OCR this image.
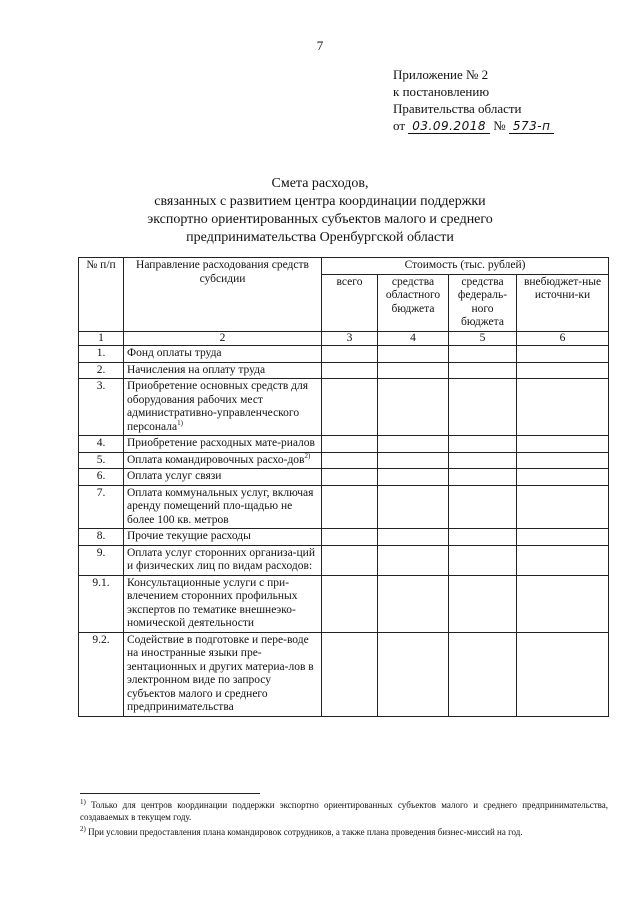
7
Приложение № 2
к постановлению
Правительства области
от 03.09.2018 № 573-п
Смета расходов,
связанных с развитием центра координации поддержки
экспортно ориентированных субъектов малого и среднего
предпринимательства Оренбургской области
№ п/п	Направление расходования средств субсидии	Стоимость (тыс. рублей)			
		всего	средства областного бюджета	средства федераль-ного бюджета	внебюджет-ные источни-ки
1	2	3	4	5	6
1.	Фонд оплаты труда				
2.	Начисления на оплату труда				
3.	Приобретение основных средств для оборудования рабочих мест административно-управленческого персонала$^{1)}$				
4.	Приобретение расходных мате-риалов				
5.	Оплата командировочных расхо-дов$^{2)}$				
6.	Оплата услуг связи				
7.	Оплата коммунальных услуг, включая аренду помещений пло-щадью не более 100 кв. метров				
8.	Прочие текущие расходы				
9.	Оплата услуг сторонних организа-ций и физических лиц по видам расходов:				
9.1.	Консультационные услуги с при-влечением сторонних профильных экспертов по тематике внешнеэко-номической деятельности				
9.2.	Содействие в подготовке и пере-воде на иностранные языки пре-зентационных и других материа-лов в электронном виде по запросу субъектов малого и среднего предпринимательства				

$^{1)}$ Только для центров координации поддержки экспортно ориентированных субъектов малого и среднего предпринимательства, создаваемых в текущем году.

$^{2)}$ При условии предоставления плана командировок сотрудников, а также плана проведения бизнес-миссий на год.
